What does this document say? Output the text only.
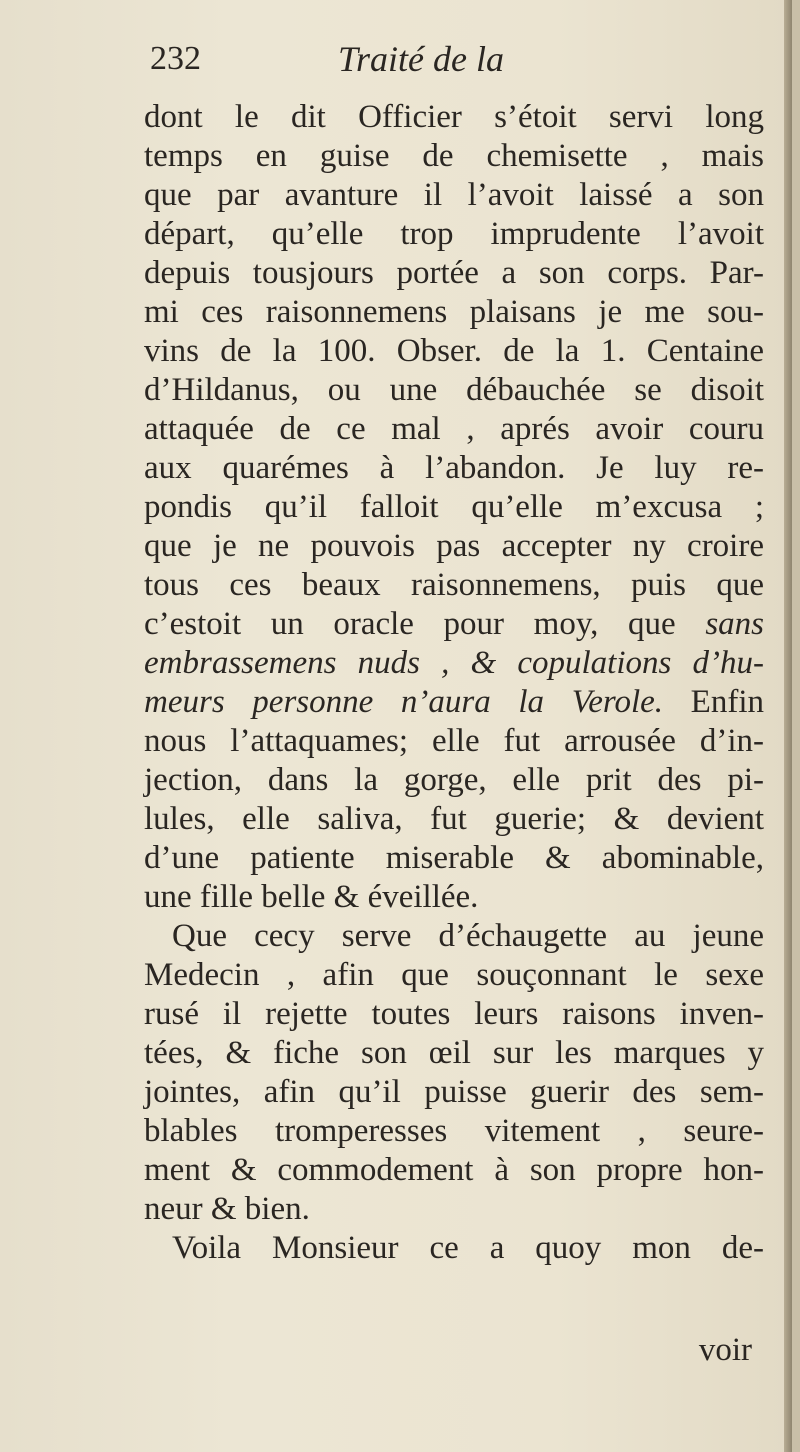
232	Traité de la
dont le dit Officier s’étoit servi long
temps en guise de chemisette , mais
que par avanture il l’avoit laissé a son
départ, qu’elle trop imprudente l’avoit
depuis tousjours portée a son corps. Par-
mi ces raisonnemens plaisans je me sou-
vins de la 100. Obser. de la 1. Centaine
d’Hildanus, ou une débauchée se disoit
attaquée de ce mal , aprés avoir couru
aux quarémes à l’abandon. Je luy re-
pondis qu’il falloit qu’elle m’excusa ;
que je ne pouvois pas accepter ny croire
tous ces beaux raisonnemens, puis que
c’estoit un oracle pour moy, que sans
embrassemens nuds , & copulations d’hu-
meurs personne n’aura la Verole. Enfin
nous l’attaquames; elle fut arrousée d’in-
jection, dans la gorge, elle prit des pi-
lules, elle saliva, fut guerie; & devient
d’une patiente miserable & abominable,
une fille belle & éveillée.
Que cecy serve d’échaugette au jeune
Medecin , afin que souçonnant le sexe
rusé il rejette toutes leurs raisons inven-
tées, & fiche son œil sur les marques y
jointes, afin qu’il puisse guerir des sem-
blables tromperesses vitement , seure-
ment & commodement à son propre hon-
neur & bien.
Voila Monsieur ce a quoy mon de-
voir
